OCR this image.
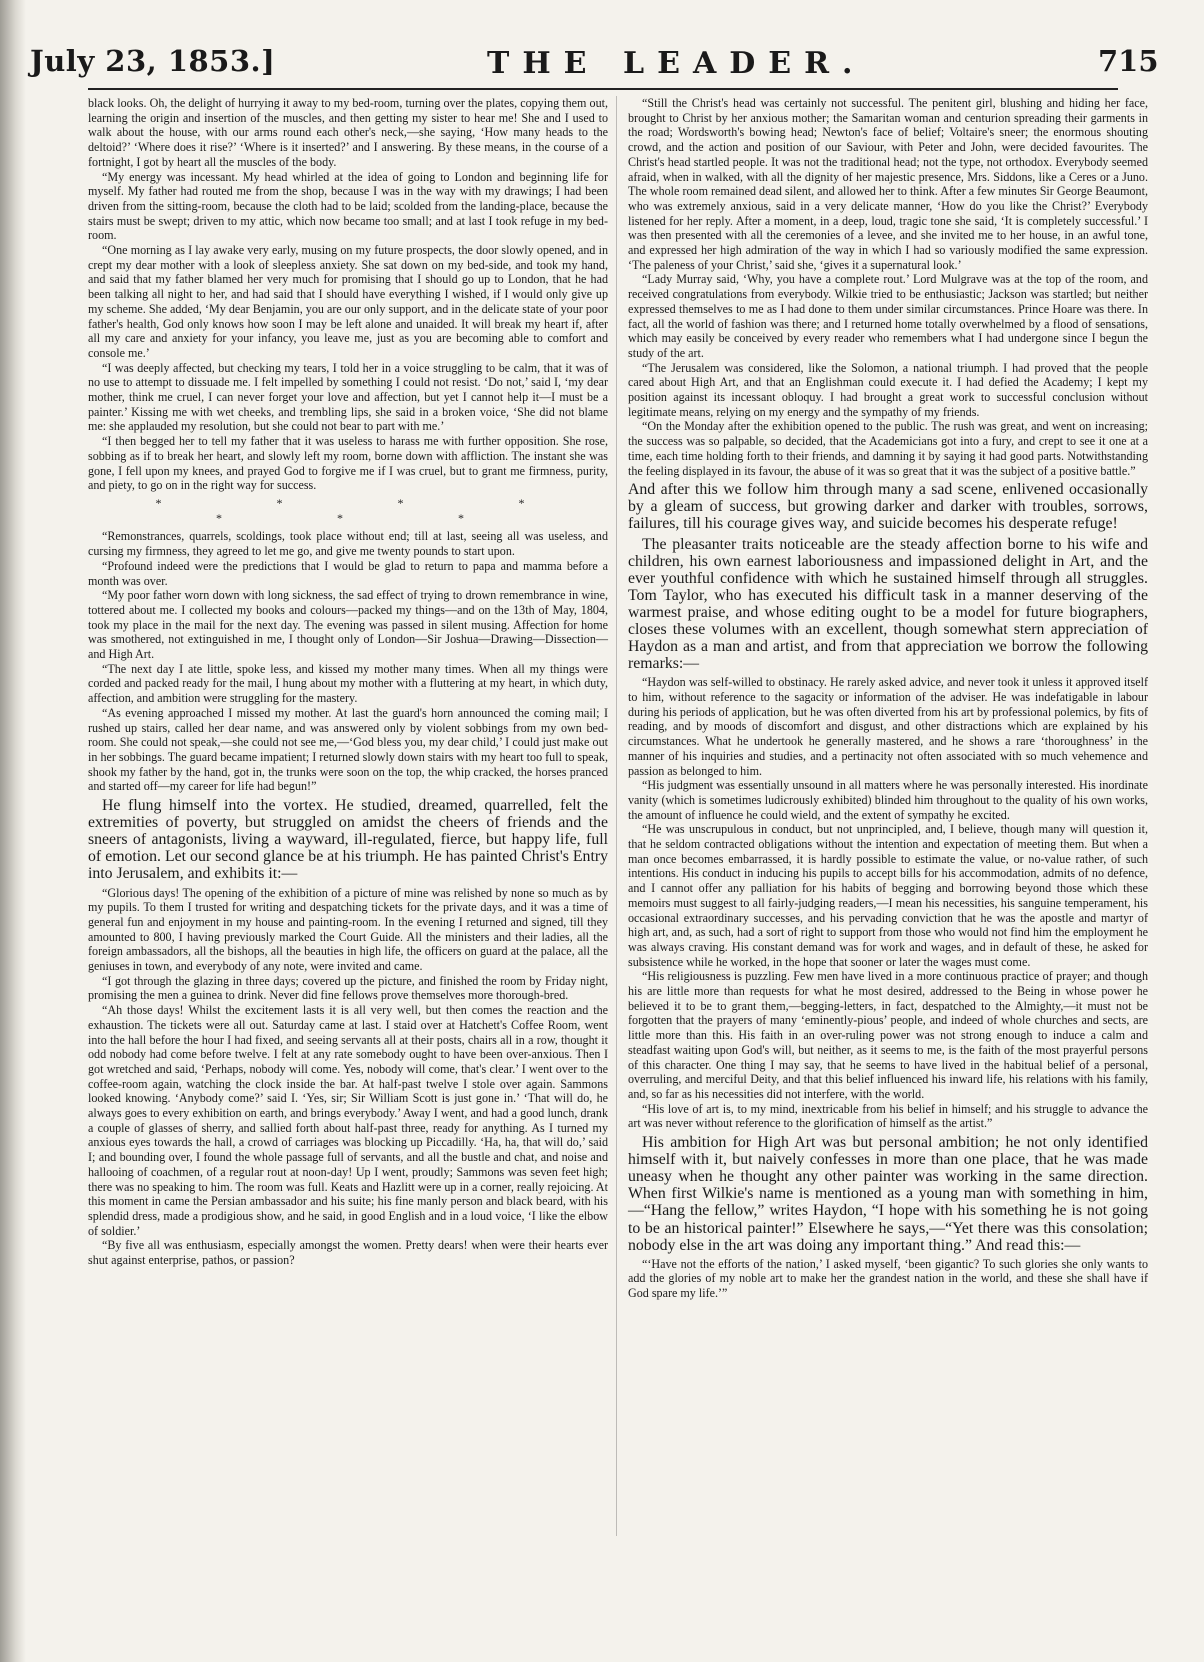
July 23, 1853.]	THE LEADER.	715

black looks. Oh, the delight of hurrying it away to my bed-room, turning over the plates, copying them out, learning the origin and insertion of the muscles, and then getting my sister to hear me! She and I used to walk about the house, with our arms round each other's neck,—she saying, ‘How many heads to the deltoid?’ ‘Where does it rise?’ ‘Where is it inserted?’ and I answering. By these means, in the course of a fortnight, I got by heart all the muscles of the body.

“My energy was incessant. My head whirled at the idea of going to London and beginning life for myself. My father had routed me from the shop, because I was in the way with my drawings; I had been driven from the sitting-room, because the cloth had to be laid; scolded from the landing-place, because the stairs must be swept; driven to my attic, which now became too small; and at last I took refuge in my bed-room.

“One morning as I lay awake very early, musing on my future prospects, the door slowly opened, and in crept my dear mother with a look of sleepless anxiety. She sat down on my bed-side, and took my hand, and said that my father blamed her very much for promising that I should go up to London, that he had been talking all night to her, and had said that I should have everything I wished, if I would only give up my scheme. She added, ‘My dear Benjamin, you are our only support, and in the delicate state of your poor father's health, God only knows how soon I may be left alone and unaided. It will break my heart if, after all my care and anxiety for your infancy, you leave me, just as you are becoming able to comfort and console me.’

“I was deeply affected, but checking my tears, I told her in a voice struggling to be calm, that it was of no use to attempt to dissuade me. I felt impelled by something I could not resist. ‘Do not,’ said I, ‘my dear mother, think me cruel, I can never forget your love and affection, but yet I cannot help it—I must be a painter.’ Kissing me with wet cheeks, and trembling lips, she said in a broken voice, ‘She did not blame me: she applauded my resolution, but she could not bear to part with me.’

“I then begged her to tell my father that it was useless to harass me with further opposition. She rose, sobbing as if to break her heart, and slowly left my room, borne down with affliction. The instant she was gone, I fell upon my knees, and prayed God to forgive me if I was cruel, but to grant me firmness, purity, and piety, to go on in the right way for success.

* * * * * * *

“Remonstrances, quarrels, scoldings, took place without end; till at last, seeing all was useless, and cursing my firmness, they agreed to let me go, and give me twenty pounds to start upon.

“Profound indeed were the predictions that I would be glad to return to papa and mamma before a month was over.

“My poor father worn down with long sickness, the sad effect of trying to drown remembrance in wine, tottered about me. I collected my books and colours—packed my things—and on the 13th of May, 1804, took my place in the mail for the next day. The evening was passed in silent musing. Affection for home was smothered, not extinguished in me, I thought only of London—Sir Joshua—Drawing—Dissection—and High Art.

“The next day I ate little, spoke less, and kissed my mother many times. When all my things were corded and packed ready for the mail, I hung about my mother with a fluttering at my heart, in which duty, affection, and ambition were struggling for the mastery.

“As evening approached I missed my mother. At last the guard's horn announced the coming mail; I rushed up stairs, called her dear name, and was answered only by violent sobbings from my own bed-room. She could not speak,—she could not see me,—‘God bless you, my dear child,’ I could just make out in her sobbings. The guard became impatient; I returned slowly down stairs with my heart too full to speak, shook my father by the hand, got in, the trunks were soon on the top, the whip cracked, the horses pranced and started off—my career for life had begun!”

He flung himself into the vortex. He studied, dreamed, quarrelled, felt the extremities of poverty, but struggled on amidst the cheers of friends and the sneers of antagonists, living a wayward, ill-regulated, fierce, but happy life, full of emotion. Let our second glance be at his triumph. He has painted Christ's Entry into Jerusalem, and exhibits it:—

“Glorious days! The opening of the exhibition of a picture of mine was relished by none so much as by my pupils. To them I trusted for writing and despatching tickets for the private days, and it was a time of general fun and enjoyment in my house and painting-room. In the evening I returned and signed, till they amounted to 800, I having previously marked the Court Guide. All the ministers and their ladies, all the foreign ambassadors, all the bishops, all the beauties in high life, the officers on guard at the palace, all the geniuses in town, and everybody of any note, were invited and came.

“I got through the glazing in three days; covered up the picture, and finished the room by Friday night, promising the men a guinea to drink. Never did fine fellows prove themselves more thorough-bred.

“Ah those days! Whilst the excitement lasts it is all very well, but then comes the reaction and the exhaustion. The tickets were all out. Saturday came at last. I staid over at Hatchett's Coffee Room, went into the hall before the hour I had fixed, and seeing servants all at their posts, chairs all in a row, thought it odd nobody had come before twelve. I felt at any rate somebody ought to have been over-anxious. Then I got wretched and said, ‘Perhaps, nobody will come. Yes, nobody will come, that's clear.’ I went over to the coffee-room again, watching the clock inside the bar. At half-past twelve I stole over again. Sammons looked knowing. ‘Anybody come?’ said I. ‘Yes, sir; Sir William Scott is just gone in.’ ‘That will do, he always goes to every exhibition on earth, and brings everybody.’ Away I went, and had a good lunch, drank a couple of glasses of sherry, and sallied forth about half-past three, ready for anything. As I turned my anxious eyes towards the hall, a crowd of carriages was blocking up Piccadilly. ‘Ha, ha, that will do,’ said I; and bounding over, I found the whole passage full of servants, and all the bustle and chat, and noise and hallooing of coachmen, of a regular rout at noon-day! Up I went, proudly; Sammons was seven feet high; there was no speaking to him. The room was full. Keats and Hazlitt were up in a corner, really rejoicing. At this moment in came the Persian ambassador and his suite; his fine manly person and black beard, with his splendid dress, made a prodigious show, and he said, in good English and in a loud voice, ‘I like the elbow of soldier.’

“By five all was enthusiasm, especially amongst the women. Pretty dears! when were their hearts ever shut against enterprise, pathos, or passion?

“Still the Christ's head was certainly not successful. The penitent girl, blushing and hiding her face, brought to Christ by her anxious mother; the Samaritan woman and centurion spreading their garments in the road; Wordsworth's bowing head; Newton's face of belief; Voltaire's sneer; the enormous shouting crowd, and the action and position of our Saviour, with Peter and John, were decided favourites. The Christ's head startled people. It was not the traditional head; not the type, not orthodox. Everybody seemed afraid, when in walked, with all the dignity of her majestic presence, Mrs. Siddons, like a Ceres or a Juno. The whole room remained dead silent, and allowed her to think. After a few minutes Sir George Beaumont, who was extremely anxious, said in a very delicate manner, ‘How do you like the Christ?’ Everybody listened for her reply. After a moment, in a deep, loud, tragic tone she said, ‘It is completely successful.’ I was then presented with all the ceremonies of a levee, and she invited me to her house, in an awful tone, and expressed her high admiration of the way in which I had so variously modified the same expression. ‘The paleness of your Christ,’ said she, ‘gives it a supernatural look.’

“Lady Murray said, ‘Why, you have a complete rout.’ Lord Mulgrave was at the top of the room, and received congratulations from everybody. Wilkie tried to be enthusiastic; Jackson was startled; but neither expressed themselves to me as I had done to them under similar circumstances. Prince Hoare was there. In fact, all the world of fashion was there; and I returned home totally overwhelmed by a flood of sensations, which may easily be conceived by every reader who remembers what I had undergone since I begun the study of the art.

“The Jerusalem was considered, like the Solomon, a national triumph. I had proved that the people cared about High Art, and that an Englishman could execute it. I had defied the Academy; I kept my position against its incessant obloquy. I had brought a great work to successful conclusion without legitimate means, relying on my energy and the sympathy of my friends.

“On the Monday after the exhibition opened to the public. The rush was great, and went on increasing; the success was so palpable, so decided, that the Academicians got into a fury, and crept to see it one at a time, each time holding forth to their friends, and damning it by saying it had good parts. Notwithstanding the feeling displayed in its favour, the abuse of it was so great that it was the subject of a positive battle.”

And after this we follow him through many a sad scene, enlivened occasionally by a gleam of success, but growing darker and darker with troubles, sorrows, failures, till his courage gives way, and suicide becomes his desperate refuge!

The pleasanter traits noticeable are the steady affection borne to his wife and children, his own earnest laboriousness and impassioned delight in Art, and the ever youthful confidence with which he sustained himself through all struggles. Tom Taylor, who has executed his difficult task in a manner deserving of the warmest praise, and whose editing ought to be a model for future biographers, closes these volumes with an excellent, though somewhat stern appreciation of Haydon as a man and artist, and from that appreciation we borrow the following remarks:—

“Haydon was self-willed to obstinacy. He rarely asked advice, and never took it unless it approved itself to him, without reference to the sagacity or information of the adviser. He was indefatigable in labour during his periods of application, but he was often diverted from his art by professional polemics, by fits of reading, and by moods of discomfort and disgust, and other distractions which are explained by his circumstances. What he undertook he generally mastered, and he shows a rare ‘thoroughness’ in the manner of his inquiries and studies, and a pertinacity not often associated with so much vehemence and passion as belonged to him.

“His judgment was essentially unsound in all matters where he was personally interested. His inordinate vanity (which is sometimes ludicrously exhibited) blinded him throughout to the quality of his own works, the amount of influence he could wield, and the extent of sympathy he excited.

“He was unscrupulous in conduct, but not unprincipled, and, I believe, though many will question it, that he seldom contracted obligations without the intention and expectation of meeting them. But when a man once becomes embarrassed, it is hardly possible to estimate the value, or no-value rather, of such intentions. His conduct in inducing his pupils to accept bills for his accommodation, admits of no defence, and I cannot offer any palliation for his habits of begging and borrowing beyond those which these memoirs must suggest to all fairly-judging readers,—I mean his necessities, his sanguine temperament, his occasional extraordinary successes, and his pervading conviction that he was the apostle and martyr of high art, and, as such, had a sort of right to support from those who would not find him the employment he was always craving. His constant demand was for work and wages, and in default of these, he asked for subsistence while he worked, in the hope that sooner or later the wages must come.

“His religiousness is puzzling. Few men have lived in a more continuous practice of prayer; and though his are little more than requests for what he most desired, addressed to the Being in whose power he believed it to be to grant them,—begging-letters, in fact, despatched to the Almighty,—it must not be forgotten that the prayers of many ‘eminently-pious’ people, and indeed of whole churches and sects, are little more than this. His faith in an over-ruling power was not strong enough to induce a calm and steadfast waiting upon God's will, but neither, as it seems to me, is the faith of the most prayerful persons of this character. One thing I may say, that he seems to have lived in the habitual belief of a personal, overruling, and merciful Deity, and that this belief influenced his inward life, his relations with his family, and, so far as his necessities did not interfere, with the world.

“His love of art is, to my mind, inextricable from his belief in himself; and his struggle to advance the art was never without reference to the glorification of himself as the artist.”

His ambition for High Art was but personal ambition; he not only identified himself with it, but naively confesses in more than one place, that he was made uneasy when he thought any other painter was working in the same direction. When first Wilkie's name is mentioned as a young man with something in him,—“Hang the fellow,” writes Haydon, “I hope with his something he is not going to be an historical painter!” Elsewhere he says,—“Yet there was this consolation; nobody else in the art was doing any important thing.” And read this:—

“‘Have not the efforts of the nation,’ I asked myself, ‘been gigantic? To such glories she only wants to add the glories of my noble art to make her the grandest nation in the world, and these she shall have if God spare my life.’”
